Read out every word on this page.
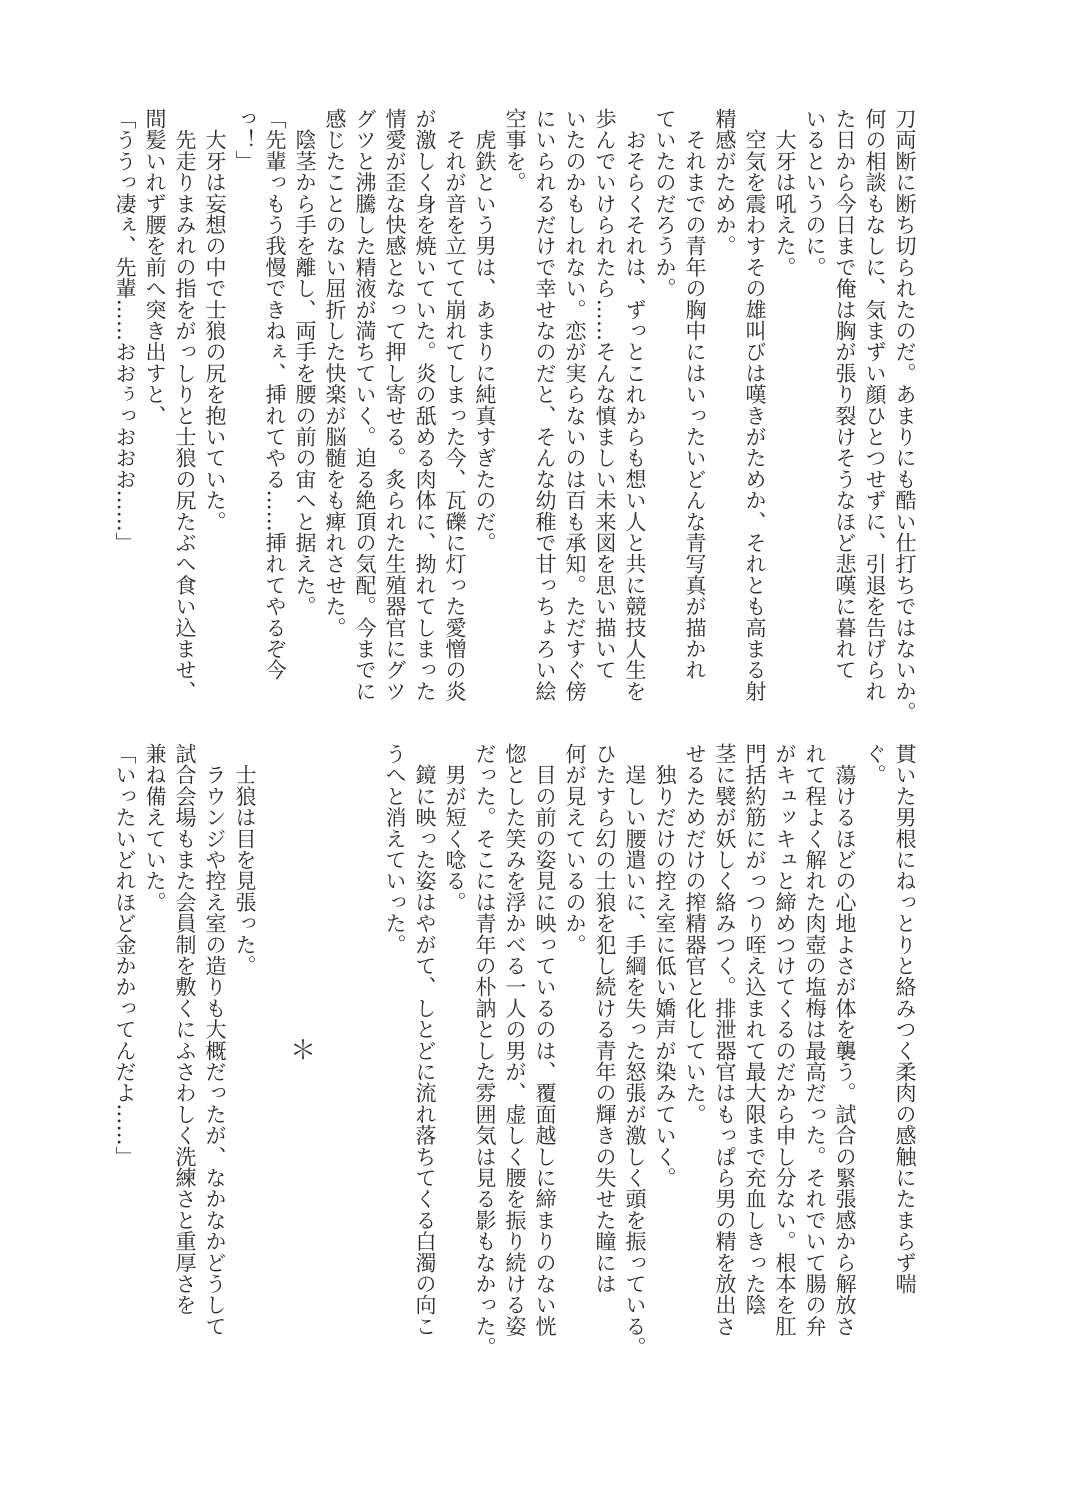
刀両断に断ち切られたのだ。あまりにも酷い仕打ちではないか。
何の相談もなしに、気まずい顔ひとつせずに、引退を告げられ
た日から今日まで俺は胸が張り裂けそうなほど悲嘆に暮れて
いるというのに。
　大牙は吼えた。
　空気を震わすその雄叫びは嘆きがためか、それとも高まる射
精感がためか。
　それまでの青年の胸中にはいったいどんな青写真が描かれ
ていたのだろうか。
　おそらくそれは、ずっとこれからも想い人と共に競技人生を
歩んでいけられたら……そんな慎ましい未来図を思い描いて
いたのかもしれない。恋が実らないのは百も承知。ただすぐ傍
にいられるだけで幸せなのだと、そんな幼稚で甘っちょろい絵
空事を。
　虎鉄という男は、あまりに純真すぎたのだ。
　それが音を立てて崩れてしまった今、瓦礫に灯った愛憎の炎
が激しく身を焼いていた。炎の舐める肉体に、拗れてしまった
情愛が歪な快感となって押し寄せる。炙られた生殖器官にグツ
グツと沸騰した精液が満ちていく。迫る絶頂の気配。今までに
感じたことのない屈折した快楽が脳髄をも痺れさせた。
　陰茎から手を離し、両手を腰の前の宙へと据えた。
「先輩っもう我慢できねぇ、挿れてやる……挿れてやるぞ今
っ！」
　大牙は妄想の中で士狼の尻を抱いていた。
　先走りまみれの指をがっしりと士狼の尻たぶへ食い込ませ、
間髪いれず腰を前へ突き出すと、
「ううっ凄ぇ、先輩……おおぅっおおお……」
貫いた男根にねっとりと絡みつく柔肉の感触にたまらず喘
ぐ。
　蕩けるほどの心地よさが体を襲う。試合の緊張感から解放さ
れて程よく解れた肉壺の塩梅は最高だった。それでいて腸の弁
がキュッキュと締めつけてくるのだから申し分ない。根本を肛
門括約筋にがっつり咥え込まれて最大限まで充血しきった陰
茎に襞が妖しく絡みつく。排泄器官はもっぱら男の精を放出さ
せるためだけの搾精器官と化していた。
　独りだけの控え室に低い嬌声が染みていく。
　逞しい腰遣いに、手綱を失った怒張が激しく頭を振っている。
ひたすら幻の士狼を犯し続ける青年の輝きの失せた瞳には
何が見えているのか。
　目の前の姿見に映っているのは、覆面越しに締まりのない恍
惚とした笑みを浮かべる一人の男が、虚しく腰を振り続ける姿
だった。そこには青年の朴訥とした雰囲気は見る影もなかった。
　男が短く唸る。
　鏡に映った姿はやがて、しとどに流れ落ちてくる白濁の向こ
うへと消えていった。
　士狼は目を見張った。
　ラウンジや控え室の造りも大概だったが、なかなかどうして
試合会場もまた会員制を敷くにふさわしく洗練さと重厚さを
兼ね備えていた。
「いったいどれほど金かかってんだよ……」	＊
